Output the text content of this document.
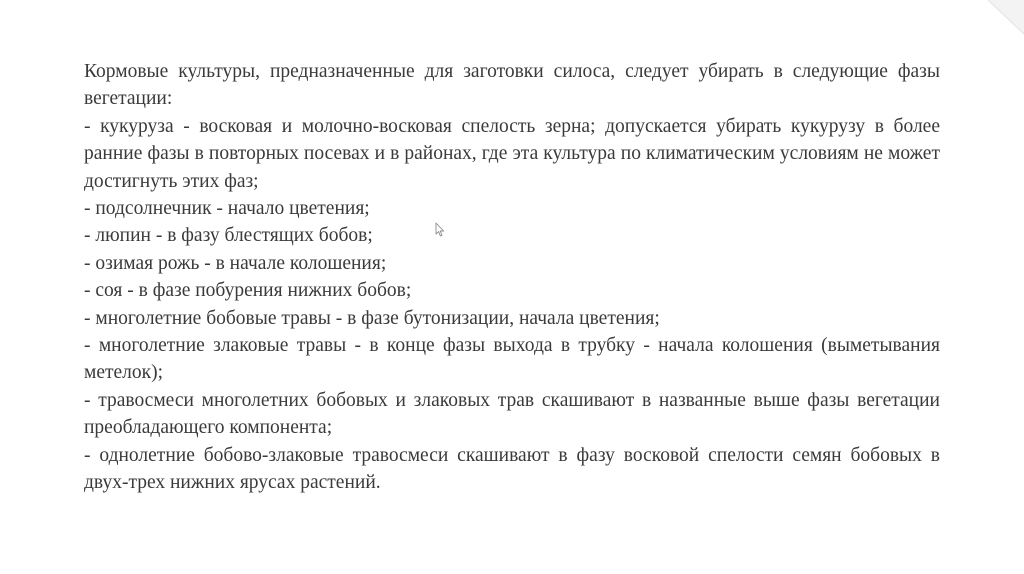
Кормовые культуры, предназначенные для заготовки силоса, следует убирать в следующие фазы вегетации:

- кукуруза - восковая и молочно-восковая спелость зерна; допускается убирать кукурузу в более ранние фазы в повторных посевах и в районах, где эта культура по климатическим условиям не может достигнуть этих фаз;

- подсолнечник - начало цветения;

- люпин - в фазу блестящих бобов;

- озимая рожь - в начале колошения;

- соя - в фазе побурения нижних бобов;

- многолетние бобовые травы - в фазе бутонизации, начала цветения;

- многолетние злаковые травы - в конце фазы выхода в трубку - начала колошения (выметывания метелок);

- травосмеси многолетних бобовых и злаковых трав скашивают в названные выше фазы вегетации преобладающего компонента;

- однолетние бобово-злаковые травосмеси скашивают в фазу восковой спелости семян бобовых в двух-трех нижних ярусах растений.
